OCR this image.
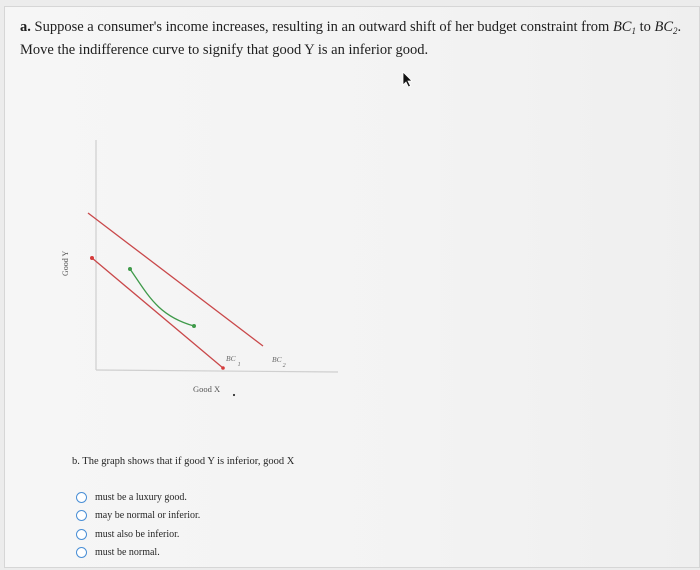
a. Suppose a consumer's income increases, resulting in an outward shift of her budget constraint from $BC_1$ to $BC_2$. Move the indifference curve to signify that good Y is an inferior good.
Good Y
Good X
$BC_1$
$BC_2$
b. The graph shows that if good Y is inferior, good X
must be a luxury good.
may be normal or inferior.
must also be inferior.
must be normal.
